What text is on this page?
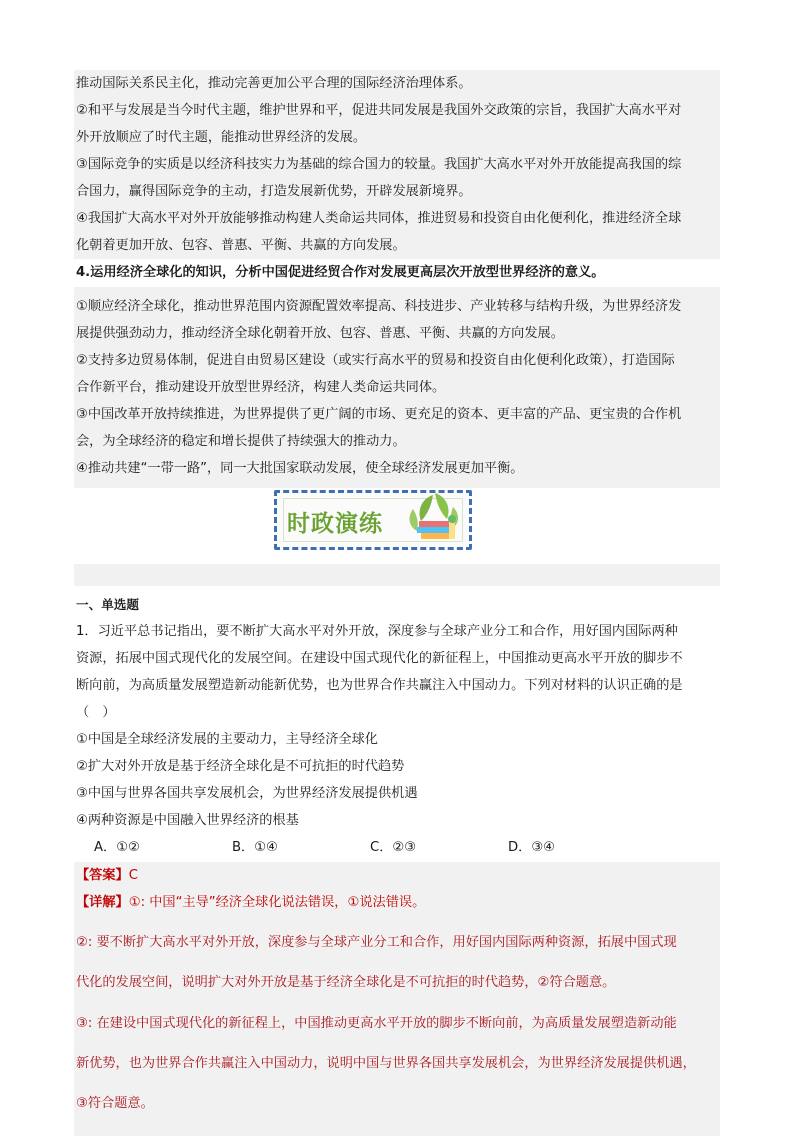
推动国际关系民主化，推动完善更加公平合理的国际经济治理体系。

②和平与发展是当今时代主题，维护世界和平，促进共同发展是我国外交政策的宗旨，我国扩大高水平对

外开放顺应了时代主题，能推动世界经济的发展。

③国际竞争的实质是以经济科技实力为基础的综合国力的较量。我国扩大高水平对外开放能提高我国的综

合国力，赢得国际竞争的主动，打造发展新优势，开辟发展新境界。

④我国扩大高水平对外开放能够推动构建人类命运共同体，推进贸易和投资自由化便利化，推进经济全球

化朝着更加开放、包容、普惠、平衡、共赢的方向发展。

4.运用经济全球化的知识，分析中国促进经贸合作对发展更高层次开放型世界经济的意义。

①顺应经济全球化，推动世界范围内资源配置效率提高、科技进步、产业转移与结构升级，为世界经济发

展提供强劲动力，推动经济全球化朝着开放、包容、普惠、平衡、共赢的方向发展。

②支持多边贸易体制，促进自由贸易区建设（或实行高水平的贸易和投资自由化便利化政策），打造国际

合作新平台，推动建设开放型世界经济，构建人类命运共同体。

③中国改革开放持续推进，为世界提供了更广阔的市场、更充足的资本、更丰富的产品、更宝贵的合作机

会，为全球经济的稳定和增长提供了持续强大的推动力。

④推动共建“一带一路”，同一大批国家联动发展，使全球经济发展更加平衡。

时政演练
一、单选题

1．习近平总书记指出，要不断扩大高水平对外开放，深度参与全球产业分工和合作，用好国内国际两种

资源，拓展中国式现代化的发展空间。在建设中国式现代化的新征程上，中国推动更高水平开放的脚步不

断向前，为高质量发展塑造新动能新优势，也为世界合作共赢注入中国动力。下列对材料的认识正确的是

（　）

①中国是全球经济发展的主要动力，主导经济全球化

②扩大对外开放是基于经济全球化是不可抗拒的时代趋势

③中国与世界各国共享发展机会，为世界经济发展提供机遇

④两种资源是中国融入世界经济的根基

A．①②	B．①④	C．②③	D．③④
【答案】C
【详解】①: 中国“主导”经济全球化说法错误，①说法错误。

②: 要不断扩大高水平对外开放，深度参与全球产业分工和合作，用好国内国际两种资源，拓展中国式现

代化的发展空间，说明扩大对外开放是基于经济全球化是不可抗拒的时代趋势，②符合题意。

③: 在建设中国式现代化的新征程上，中国推动更高水平开放的脚步不断向前，为高质量发展塑造新动能

新优势，也为世界合作共赢注入中国动力，说明中国与世界各国共享发展机会，为世界经济发展提供机遇，

③符合题意。
